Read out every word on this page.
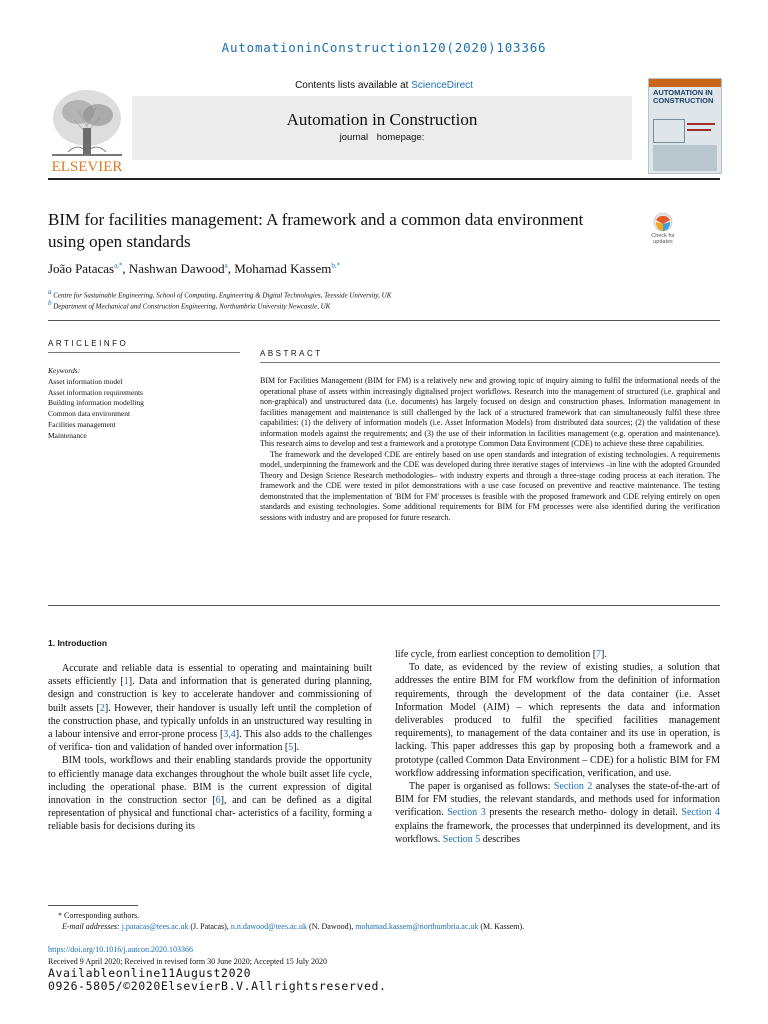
AutomationinConstruction120(2020)103366
ELSEVIER
Contents lists available at ScienceDirect
Automation in Construction
journal homepage:
AUTOMATION IN CONSTRUCTION
BIM for facilities management: A framework and a common data environment using open standards	Check for updates
João Patacas$^{a,*}$, Nashwan Dawood$^a$, Mohamad Kassem$^{b,*}$
$^a$ Centre for Sustainable Engineering, School of Computing, Engineering & Digital Technologies, Teesside University, UK
$^b$ Department of Mechanical and Construction Engineering, Northumbria University Newcastle, UK
ARTICLEINFO
Keywords:
Asset information model
Asset information requirements
Building information modelling
Common data environment
Facilities management
Maintenance
ABSTRACT

BIM for Facilities Management (BIM for FM) is a relatively new and growing topic of inquiry aiming to fulfil the informational needs of the operational phase of assets within increasingly digitalised project workflows. Research into the management of structured (i.e. graphical and non-graphical) and unstructured data (i.e. documents) has largely focused on design and construction phases. Information management in facilities management and maintenance is still challenged by the lack of a structured framework that can simultaneously fulfil these three capabilities: (1) the delivery of information models (i.e. Asset Information Models) from distributed data sources; (2) the validation of these information models against the requirements; and (3) the use of their information in facilities management (e.g. operation and maintenance). This research aims to develop and test a framework and a prototype Common Data Environment (CDE) to achieve these three capabilities.

The framework and the developed CDE are entirely based on use open standards and integration of existing technologies. A requirements model, underpinning the framework and the CDE was developed during three iterative stages of interviews –in line with the adopted Grounded Theory and Design Science Research methodologies– with industry experts and through a three-stage coding process at each iteration. The framework and the CDE were tested in pilot demonstrations with a use case focused on preventive and reactive maintenance. The testing demonstrated that the implementation of 'BIM for FM' processes is feasible with the proposed framework and CDE relying entirely on open standards and existing technologies. Some additional requirements for BIM for FM processes were also identified during the verification sessions with industry and are proposed for future research.

1. Introduction

Accurate and reliable data is essential to operating and maintaining built assets efficiently [1]. Data and information that is generated during planning, design and construction is key to accelerate handover and commissioning of built assets [2]. However, their handover is usually left until the completion of the construction phase, and typically unfolds in an unstructured way resulting in a labour intensive and error-prone process [3,4]. This also adds to the challenges of verifica- tion and validation of handed over information [5].

BIM tools, workflows and their enabling standards provide the opportunity to efficiently manage data exchanges throughout the whole built asset life cycle, including the operational phase. BIM is the current expression of digital innovation in the construction sector [6], and can be defined as a digital representation of physical and functional char- acteristics of a facility, forming a reliable basis for decisions during its

life cycle, from earliest conception to demolition [7].

To date, as evidenced by the review of existing studies, a solution that addresses the entire BIM for FM workflow from the definition of information requirements, through the development of the data container (i.e. Asset Information Model (AIM) – which represents the data and information deliverables produced to fulfil the specified facilities management requirements), to management of the data container and its use in operation, is lacking. This paper addresses this gap by proposing both a framework and a prototype (called Common Data Environment – CDE) for a holistic BIM for FM workflow addressing information specification, verification, and use.

The paper is organised as follows: Section 2 analyses the state-of-the-art of BIM for FM studies, the relevant standards, and methods used for information verification. Section 3 presents the research metho- dology in detail. Section 4 explains the framework, the processes that underpinned its development, and its workflows. Section 5 describes

* Corresponding authors.
E-mail addresses: j.patacas@tees.ac.uk (J. Patacas), n.n.dawood@tees.ac.uk (N. Dawood), mohamad.kassem@northumbria.ac.uk (M. Kassem).
https://doi.org/10.1016/j.autcon.2020.103366
Received 9 April 2020; Received in revised form 30 June 2020; Accepted 15 July 2020
Availableonline11August2020
0926-5805/©2020ElsevierB.V.Allrightsreserved.
